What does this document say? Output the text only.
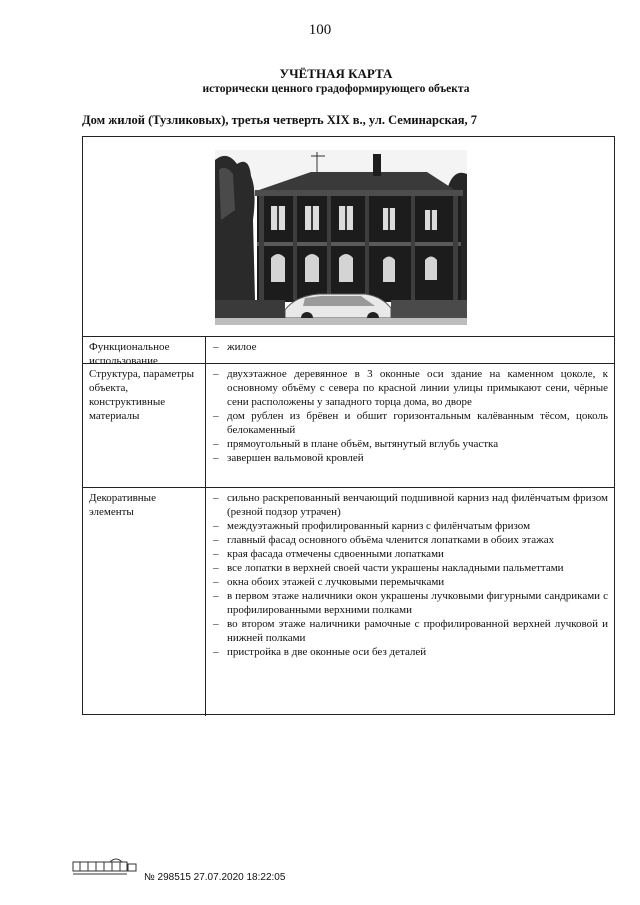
100
УЧЁТНАЯ КАРТА
исторически ценного градоформирующего объекта
Дом жилой (Тузликовых), третья четверть XIX в., ул. Семинарская, 7
Функциональное использование
– жилое
Структура, параметры объекта, конструктивные материалы
– двухэтажное деревянное в 3 оконные оси здание на каменном цоколе, к основному объёму с севера по красной линии улицы примыкают сени, чёрные сени расположены у западного торца дома, во дворе
– дом рублен из брёвен и обшит горизонтальным калёванным тёсом, цоколь белокаменный
– прямоугольный в плане объём, вытянутый вглубь участка
– завершен вальмовой кровлей
Декоративные элементы
– сильно раскрепованный венчающий подшивной карниз над филёнчатым фризом (резной подзор утрачен)
– междуэтажный профилированный карниз с филёнчатым фризом
– главный фасад основного объёма членится лопатками в обоих этажах
– края фасада отмечены сдвоенными лопатками
– все лопатки в верхней своей части украшены накладными пальметтами
– окна обоих этажей с лучковыми перемычками
– в первом этаже наличники окон украшены лучковыми фигурными сандриками с профилированными верхними полками
– во втором этаже наличники рамочные с профилированной верхней лучковой и нижней полками
– пристройка в две оконные оси без деталей
№ 298515 27.07.2020 18:22:05
